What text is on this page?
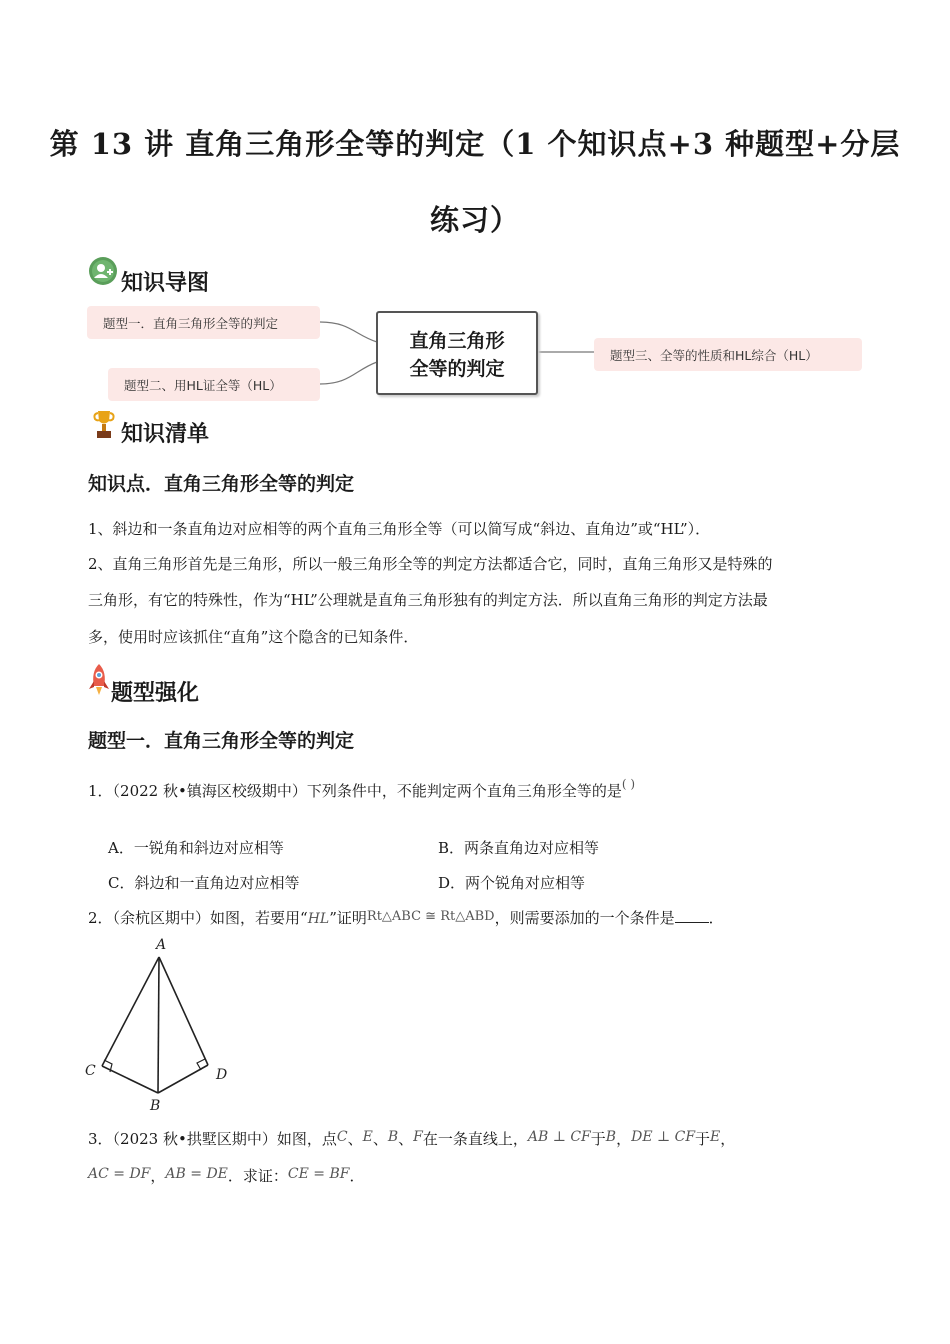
第 13 讲 直角三角形全等的判定（1 个知识点+3 种题型+分层
练习）
知识导图
题型一．直角三角形全等的判定
题型二、用HL证全等（HL）
题型三、全等的性质和HL综合（HL）
直角三角形
全等的判定
知识清单
知识点．直角三角形全等的判定
1、斜边和一条直角边对应相等的两个直角三角形全等（可以简写成“斜边、直角边”或“HL”）．
2、直角三角形首先是三角形，所以一般三角形全等的判定方法都适合它，同时，直角三角形又是特殊的
三角形，有它的特殊性，作为“HL”公理就是直角三角形独有的判定方法．所以直角三角形的判定方法最
多，使用时应该抓住“直角”这个隐含的已知条件．
题型强化
题型一．直角三角形全等的判定
1．（2022 秋•镇海区校级期中）下列条件中，不能判定两个直角三角形全等的是( )
A．一锐角和斜边对应相等	B．两条直角边对应相等
C．斜边和一直角边对应相等	D．两个锐角对应相等
2．（余杭区期中）如图，若要用“HL”证明Rt△ABC ≅ Rt△ABD，则需要添加的一个条件是 ．
A
C	D
B
3．（2023 秋•拱墅区期中）如图，点C、E、B、F在一条直线上，AB ⊥ CF于B，DE ⊥ CF于E，
AC = DF，AB = DE．求证：CE = BF．
